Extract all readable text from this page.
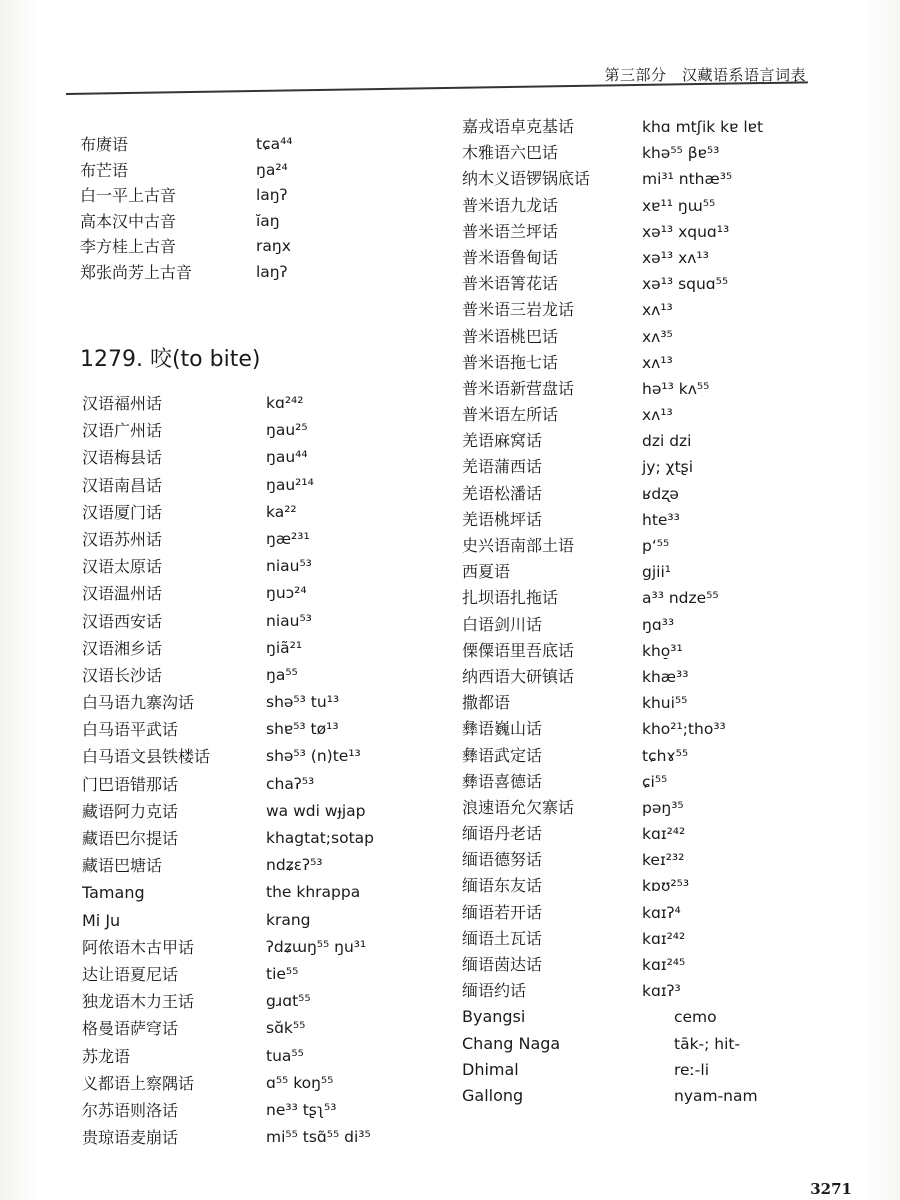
第三部分　汉藏语系语言词表
布赓语	tɕa⁴⁴
布芒语	ŋa²⁴
白一平上古音	laŋʔ
高本汉中古音	ĭaŋ
李方桂上古音	raŋx
郑张尚芳上古音	laŋʔ
1279. 咬(to bite)
汉语福州话	kɑ²⁴²
汉语广州话	ŋau²⁵
汉语梅县话	ŋau⁴⁴
汉语南昌话	ŋau²¹⁴
汉语厦门话	ka²²
汉语苏州话	ŋæ²³¹
汉语太原话	niau⁵³
汉语温州话	ŋuɔ²⁴
汉语西安话	niau⁵³
汉语湘乡话	ŋiã²¹
汉语长沙话	ŋa⁵⁵
白马语九寨沟话	shə⁵³ tu¹³
白马语平武话	shɐ⁵³ tø¹³
白马语文县铁楼话	shə⁵³ (n)te¹³
门巴语错那话	chaʔ⁵³
藏语阿力克话	wa wdi wɟjap
藏语巴尔提话	khagtat;sotap
藏语巴塘话	ndʑɛʔ⁵³
Tamang	the khrappa
Mi Ju	krang
阿侬语木古甲话	ʔdʑɯŋ⁵⁵ ŋu³¹
达让语夏尼话	tie⁵⁵
独龙语木力王话	gɹɑt⁵⁵
格曼语萨穹话	sɑ̆k⁵⁵
苏龙语	tua⁵⁵
义都语上察隅话	ɑ⁵⁵ koŋ⁵⁵
尔苏语则洛话	ne³³ tʂʅ⁵³
贵琼语麦崩话	mi⁵⁵ tsɑ̃⁵⁵ di³⁵
嘉戎语卓克基话	khɑ mtʃik kɐ lɐt
木雅语六巴话	khə⁵⁵ βɐ⁵³
纳木义语锣锅底话	mi³¹ nthæ³⁵
普米语九龙话	xɐ¹¹ ŋɯ⁵⁵
普米语兰坪话	xə¹³ xquɑ¹³
普米语鲁甸话	xə¹³ xʌ¹³
普米语箐花话	xə¹³ squɑ⁵⁵
普米语三岩龙话	xʌ¹³
普米语桃巴话	xʌ³⁵
普米语拖七话	xʌ¹³
普米语新营盘话	hə¹³ kʌ⁵⁵
普米语左所话	xʌ¹³
羌语麻窝话	dzi dzi
羌语蒲西话	jy; χtʂi
羌语松潘话	ʁdʐə
羌语桃坪话	hte³³
史兴语南部土语	pʻ⁵⁵
西夏语	gjii¹
扎坝语扎拖话	a³³ ndze⁵⁵
白语剑川话	ŋɑ³³
傈僳语里吾底话	kho̠³¹
纳西语大研镇话	khæ³³
撒都语	khui⁵⁵
彝语巍山话	kho²¹;tho³³
彝语武定话	tɕhɤ⁵⁵
彝语喜德话	ɕi⁵⁵
浪速语允欠寨话	pəŋ³⁵
缅语丹老话	kɑɪ²⁴²
缅语德努话	keɪ²³²
缅语东友话	kɒʊ²⁵³
缅语若开话	kɑɪʔ⁴
缅语土瓦话	kɑɪ²⁴²
缅语茵达话	kɑɪ²⁴⁵
缅语约话	kɑɪʔ³
Byangsi	cemo
Chang Naga	tāk-; hit-
Dhimal	reː-li
Gallong	nyam-nam
3271
